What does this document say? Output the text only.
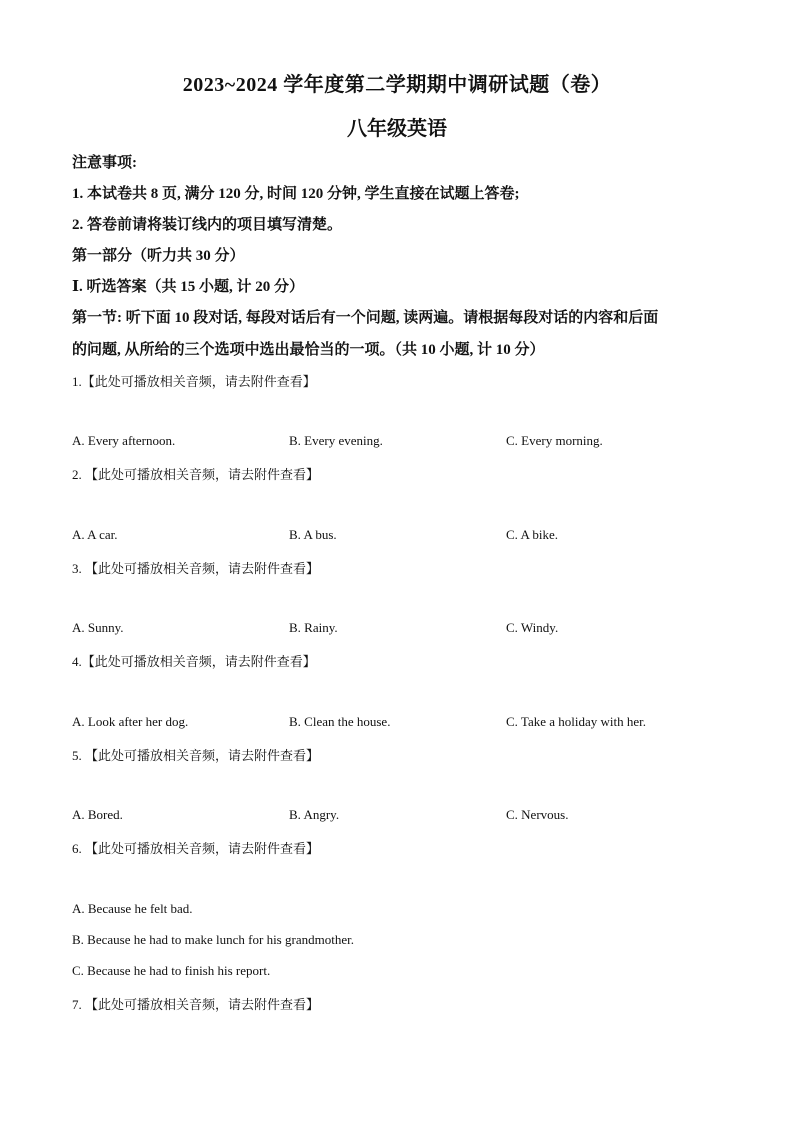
2023~2024 学年度第二学期期中调研试题（卷）
八年级英语
注意事项:
1. 本试卷共 8 页, 满分 120 分, 时间 120 分钟, 学生直接在试题上答卷;
2. 答卷前请将装订线内的项目填写清楚。
第一部分（听力共 30 分）
Ⅰ. 听选答案（共 15 小题, 计 20 分）
第一节: 听下面 10 段对话, 每段对话后有一个问题, 读两遍。请根据每段对话的内容和后面
的问题, 从所给的三个选项中选出最恰当的一项。（共 10 小题, 计 10 分）
1.【此处可播放相关音频，请去附件查看】
A. Every afternoon.	B. Every evening.	C. Every morning.
2. 【此处可播放相关音频，请去附件查看】
A. A car.	B. A bus.	C. A bike.
3. 【此处可播放相关音频，请去附件查看】
A. Sunny.	B. Rainy.	C. Windy.
4.【此处可播放相关音频，请去附件查看】
A. Look after her dog.	B. Clean the house.	C. Take a holiday with her.
5. 【此处可播放相关音频，请去附件查看】
A. Bored.	B. Angry.	C. Nervous.
6. 【此处可播放相关音频，请去附件查看】
A. Because he felt bad.
B. Because he had to make lunch for his grandmother.
C. Because he had to finish his report.
7. 【此处可播放相关音频，请去附件查看】
